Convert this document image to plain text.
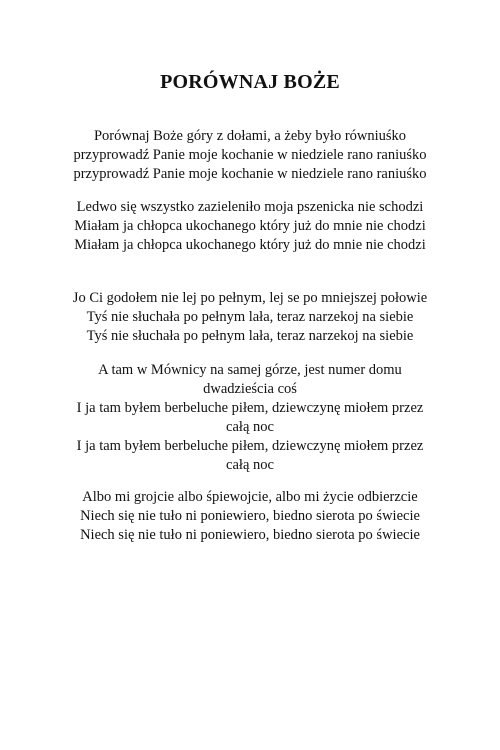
PORÓWNAJ BOŻE
Porównaj Boże góry z dołami, a żeby było równiuśko
przyprowadź Panie moje kochanie w niedziele rano raniuśko
przyprowadź Panie moje kochanie w niedziele rano raniuśko
Ledwo się wszystko zazieleniło moja pszenicka nie schodzi
Miałam ja chłopca ukochanego który już do mnie nie chodzi
Miałam ja chłopca ukochanego który już do mnie nie chodzi
Jo Ci godołem nie lej po pełnym, lej se po mniejszej połowie
Tyś nie słuchała po pełnym lała, teraz narzekoj na siebie
Tyś nie słuchała po pełnym lała, teraz narzekoj na siebie
A tam w Mównicy na samej górze, jest numer domu
dwadzieścia coś
I ja tam byłem berbeluche piłem, dziewczynę miołem przez
całą noc
I ja tam byłem berbeluche piłem, dziewczynę miołem przez
całą noc
Albo mi grojcie albo śpiewojcie, albo mi życie odbierzcie
Niech się nie tuło ni poniewiero, biedno sierota po świecie
Niech się nie tuło ni poniewiero, biedno sierota po świecie
